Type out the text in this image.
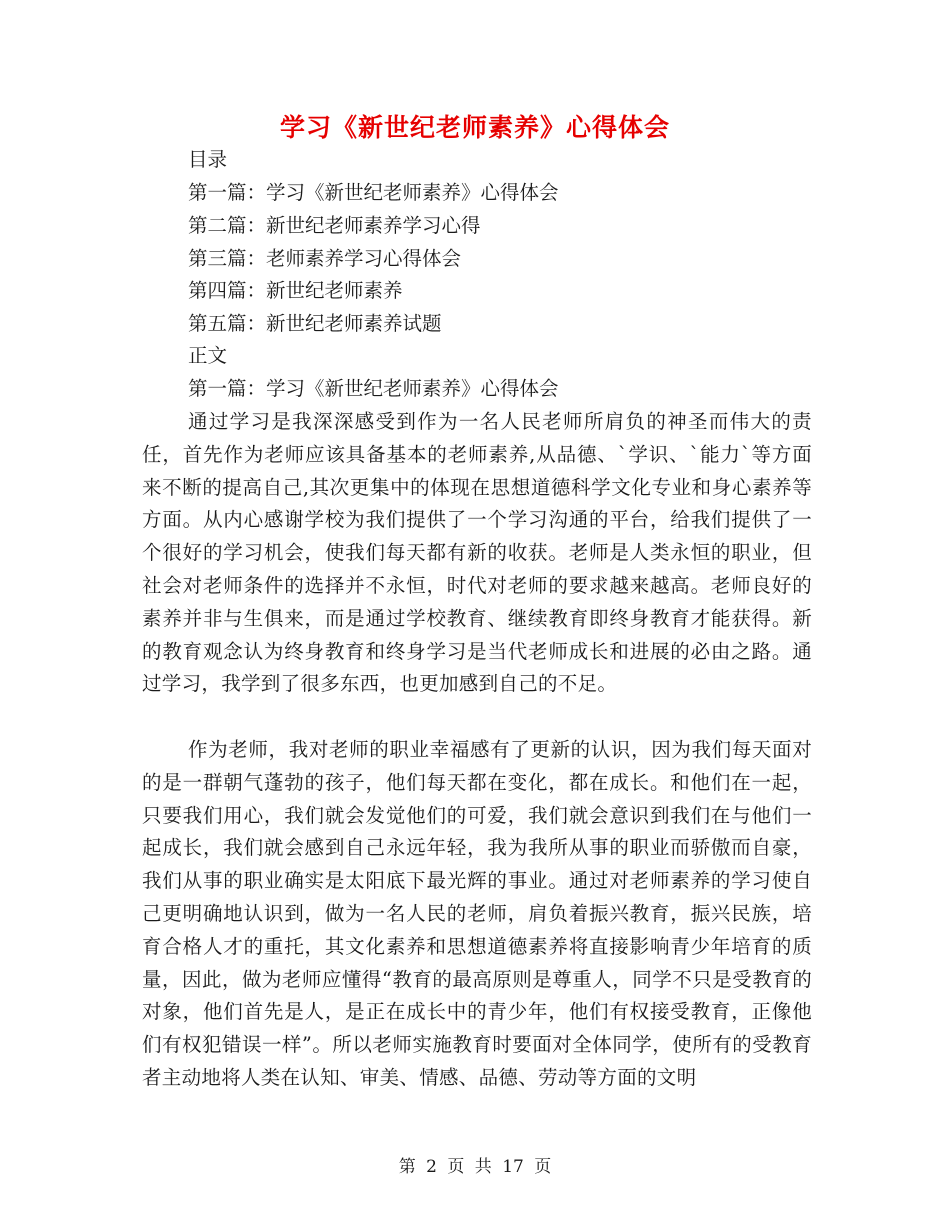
学习《新世纪老师素养》心得体会
目录
第一篇：学习《新世纪老师素养》心得体会
第二篇：新世纪老师素养学习心得
第三篇：老师素养学习心得体会
第四篇：新世纪老师素养
第五篇：新世纪老师素养试题
正文
第一篇：学习《新世纪老师素养》心得体会
通过学习是我深深感受到作为一名人民老师所肩负的神圣而伟大的责任，首先作为老师应该具备基本的老师素养,从品德、`学识、`能力`等方面来不断的提高自己,其次更集中的体现在思想道德科学文化专业和身心素养等方面。从内心感谢学校为我们提供了一个学习沟通的平台，给我们提供了一个很好的学习机会，使我们每天都有新的收获。老师是人类永恒的职业，但社会对老师条件的选择并不永恒，时代对老师的要求越来越高。老师良好的素养并非与生俱来，而是通过学校教育、继续教育即终身教育才能获得。新的教育观念认为终身教育和终身学习是当代老师成长和进展的必由之路。通过学习，我学到了很多东西，也更加感到自己的不足。
作为老师，我对老师的职业幸福感有了更新的认识，因为我们每天面对的是一群朝气蓬勃的孩子，他们每天都在变化，都在成长。和他们在一起，只要我们用心，我们就会发觉他们的可爱，我们就会意识到我们在与他们一起成长，我们就会感到自己永远年轻，我为我所从事的职业而骄傲而自豪，我们从事的职业确实是太阳底下最光辉的事业。通过对老师素养的学习使自己更明确地认识到，做为一名人民的老师，肩负着振兴教育，振兴民族，培育合格人才的重托，其文化素养和思想道德素养将直接影响青少年培育的质量，因此，做为老师应懂得“教育的最高原则是尊重人，同学不只是受教育的对象，他们首先是人，是正在成长中的青少年，他们有权接受教育，正像他们有权犯错误一样”。所以老师实施教育时要面对全体同学，使所有的受教育者主动地将人类在认知、审美、情感、品德、劳动等方面的文明
第 2 页 共 17 页
